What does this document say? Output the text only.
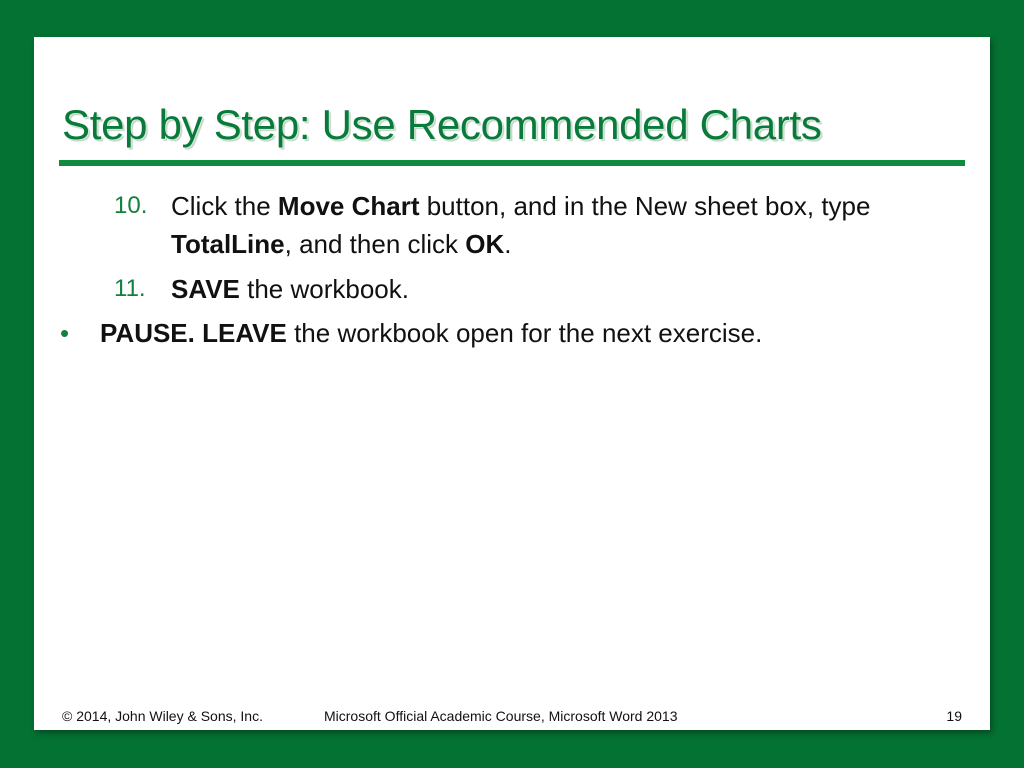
Step by Step: Use Recommended Charts
10. Click the Move Chart button, and in the New sheet box, type TotalLine, and then click OK.
11. SAVE the workbook.
•	PAUSE. LEAVE the workbook open for the next exercise.
© 2014, John Wiley & Sons, Inc.	Microsoft Official Academic Course, Microsoft Word 2013	19
